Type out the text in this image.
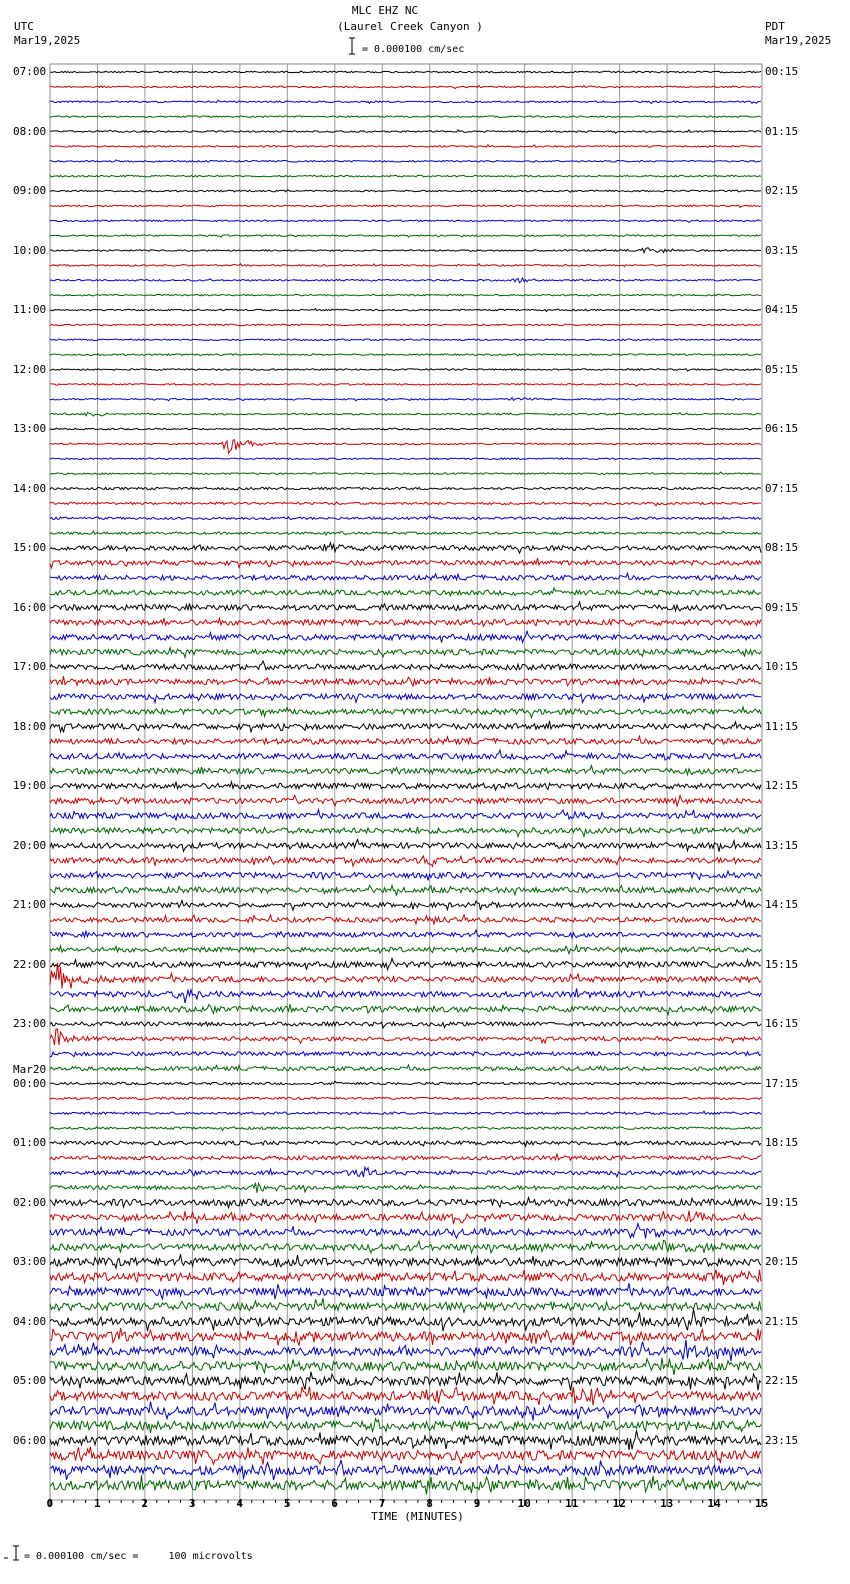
MLC EHZ NC
(Laurel Creek Canyon )
= 0.000100 cm/sec
UTC
Mar19,2025
PDT
Mar19,2025
07:00
08:00
09:00
10:00
11:00
12:00
13:00
14:00
15:00
16:00
17:00
18:00
19:00
20:00
21:00
22:00
23:00
Mar20
00:00
01:00
02:00
03:00
04:00
05:00
06:00
00:15
01:15
02:15
03:15
04:15
05:15
06:15
07:15
08:15
09:15
10:15
11:15
12:15
13:15
14:15
15:15
16:15
17:15
18:15
19:15
20:15
21:15
22:15
23:15
0	1	2	3	4	5	6	7	8	9	10	11	12	13	14	15
TIME (MINUTES)
= 0.000100 cm/sec =     100 microvolts
